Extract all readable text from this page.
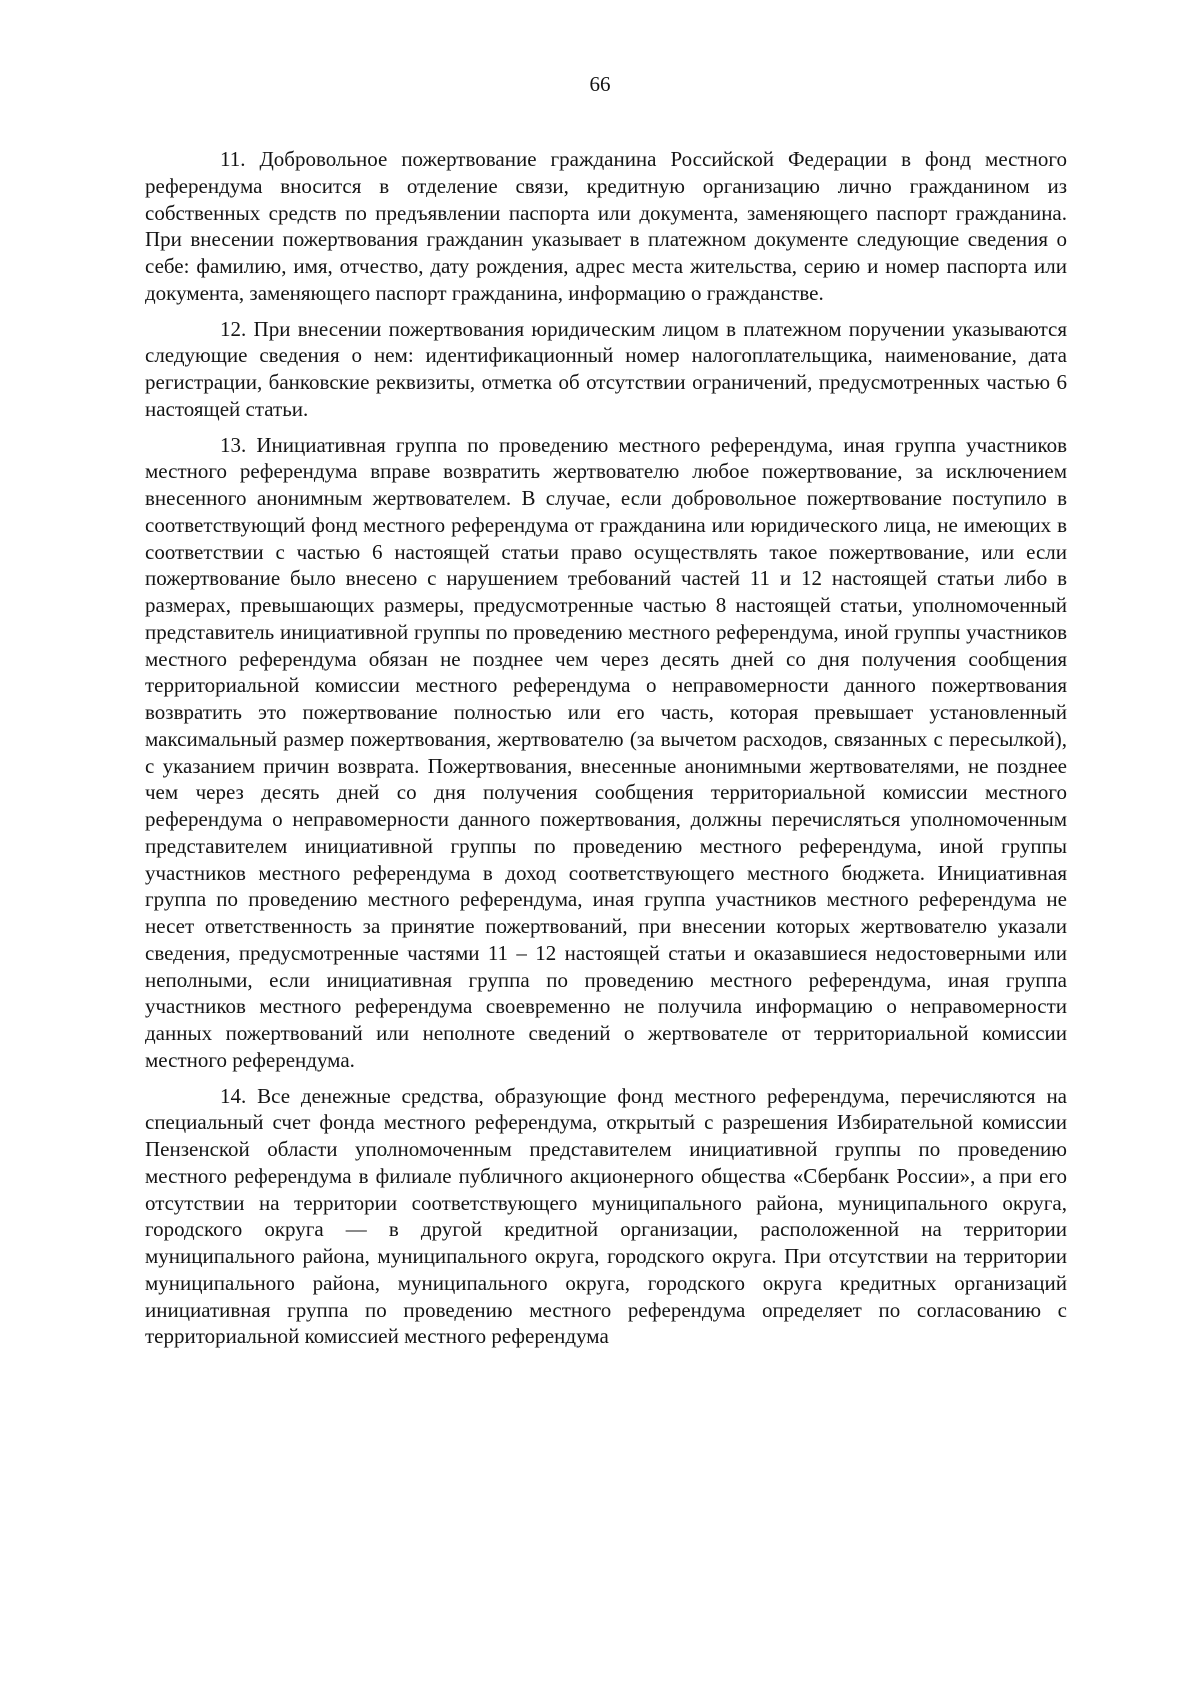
66

11. Добровольное пожертвование гражданина Российской Федерации в фонд местного референдума вносится в отделение связи, кредитную организацию лично гражданином из собственных средств по предъявлении паспорта или документа, заменяющего паспорт гражданина. При внесении пожертвования гражданин указывает в платежном документе следующие сведения о себе: фамилию, имя, отчество, дату рождения, адрес места жительства, серию и номер паспорта или документа, заменяющего паспорт гражданина, информацию о гражданстве.

12. При внесении пожертвования юридическим лицом в платежном поручении указываются следующие сведения о нем: идентификационный номер налогоплательщика, наименование, дата регистрации, банковские реквизиты, отметка об отсутствии ограничений, предусмотренных частью 6 настоящей статьи.

13. Инициативная группа по проведению местного референдума, иная группа участников местного референдума вправе возвратить жертвователю любое пожертвование, за исключением внесенного анонимным жертвователем. В случае, если добровольное пожертвование поступило в соответствующий фонд местного референдума от гражданина или юридического лица, не имеющих в соответствии с частью 6 настоящей статьи право осуществлять такое пожертвование, или если пожертвование было внесено с нарушением требований частей 11 и 12 настоящей статьи либо в размерах, превышающих размеры, предусмотренные частью 8 настоящей статьи, уполномоченный представитель инициативной группы по проведению местного референдума, иной группы участников местного референдума обязан не позднее чем через десять дней со дня получения сообщения территориальной комиссии местного референдума о неправомерности данного пожертвования возвратить это пожертвование полностью или его часть, которая превышает установленный максимальный размер пожертвования, жертвователю (за вычетом расходов, связанных с пересылкой), с указанием причин возврата. Пожертвования, внесенные анонимными жертвователями, не позднее чем через десять дней со дня получения сообщения территориальной комиссии местного референдума о неправомерности данного пожертвования, должны перечисляться уполномоченным представителем инициативной группы по проведению местного референдума, иной группы участников местного референдума в доход соответствующего местного бюджета. Инициативная группа по проведению местного референдума, иная группа участников местного референдума не несет ответственность за принятие пожертвований, при внесении которых жертвователю указали сведения, предусмотренные частями 11 – 12 настоящей статьи и оказавшиеся недостоверными или неполными, если инициативная группа по проведению местного референдума, иная группа участников местного референдума своевременно не получила информацию о неправомерности данных пожертвований или неполноте сведений о жертвователе от территориальной комиссии местного референдума.

14. Все денежные средства, образующие фонд местного референдума, перечисляются на специальный счет фонда местного референдума, открытый с разрешения Избирательной комиссии Пензенской области уполномоченным представителем инициативной группы по проведению местного референдума в филиале публичного акционерного общества «Сбербанк России», а при его отсутствии на территории соответствующего муниципального района, муниципального округа, городского округа — в другой кредитной организации, расположенной на территории муниципального района, муниципального округа, городского округа. При отсутствии на территории муниципального района, муниципального округа, городского округа кредитных организаций инициативная группа по проведению местного референдума определяет по согласованию с территориальной комиссией местного референдума
